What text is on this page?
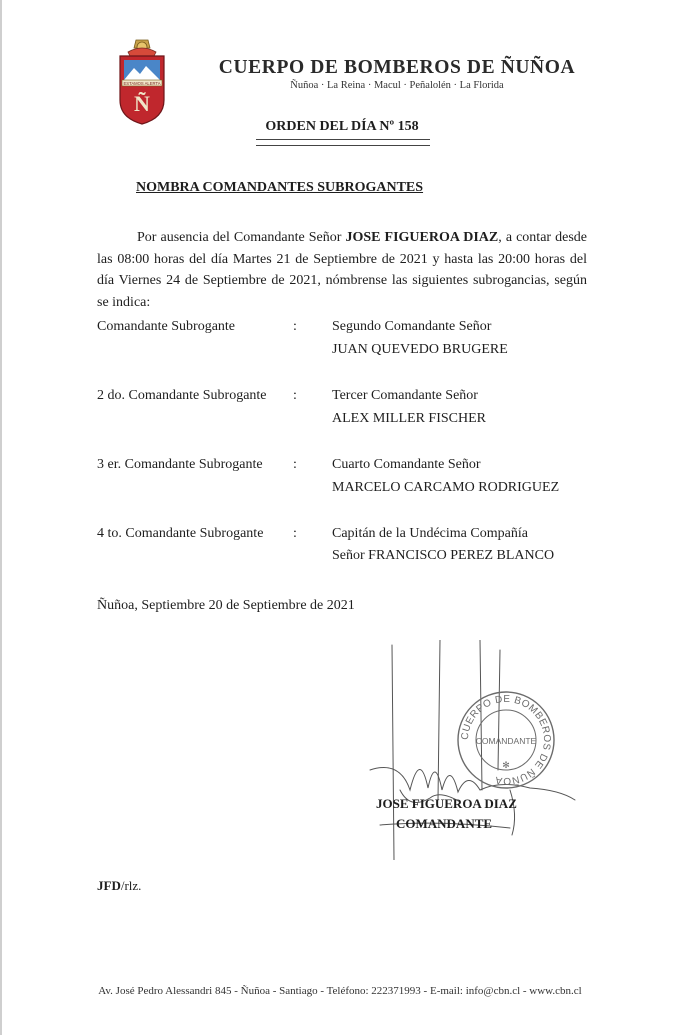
ESTAMOS ALERTA
Ñ
CUERPO DE BOMBEROS DE ÑUÑOA
Ñuñoa · La Reina · Macul · Peñalolén · La Florida
ORDEN DEL DÍA Nº 158
NOMBRA COMANDANTES SUBROGANTES
Por ausencia del Comandante Señor JOSE FIGUEROA DIAZ, a contar desde las 08:00 horas del día Martes 21 de Septiembre de 2021 y hasta las 20:00 horas del día Viernes 24 de Septiembre de 2021, nómbrense las siguientes subrogancias, según se indica:
Comandante Subrogante	:	Segundo Comandante Señor
JUAN QUEVEDO BRUGERE
2 do. Comandante Subrogante :	Tercer Comandante Señor
ALEX MILLER FISCHER
3 er. Comandante Subrogante :	Cuarto Comandante Señor
MARCELO CARCAMO RODRIGUEZ
4 to. Comandante Subrogante :	Capitán de la Undécima Compañía
Señor FRANCISCO PEREZ BLANCO
Ñuñoa, Septiembre 20 de Septiembre de 2021
CUERPO DE BOMBEROS DE ÑUÑOA
COMANDANTE
✻
JOSE FIGUEROA DIAZ
COMANDANTE
JFD/rlz.
Av. José Pedro Alessandri 845 - Ñuñoa - Santiago - Teléfono: 222371993 - E-mail: info@cbn.cl - www.cbn.cl
